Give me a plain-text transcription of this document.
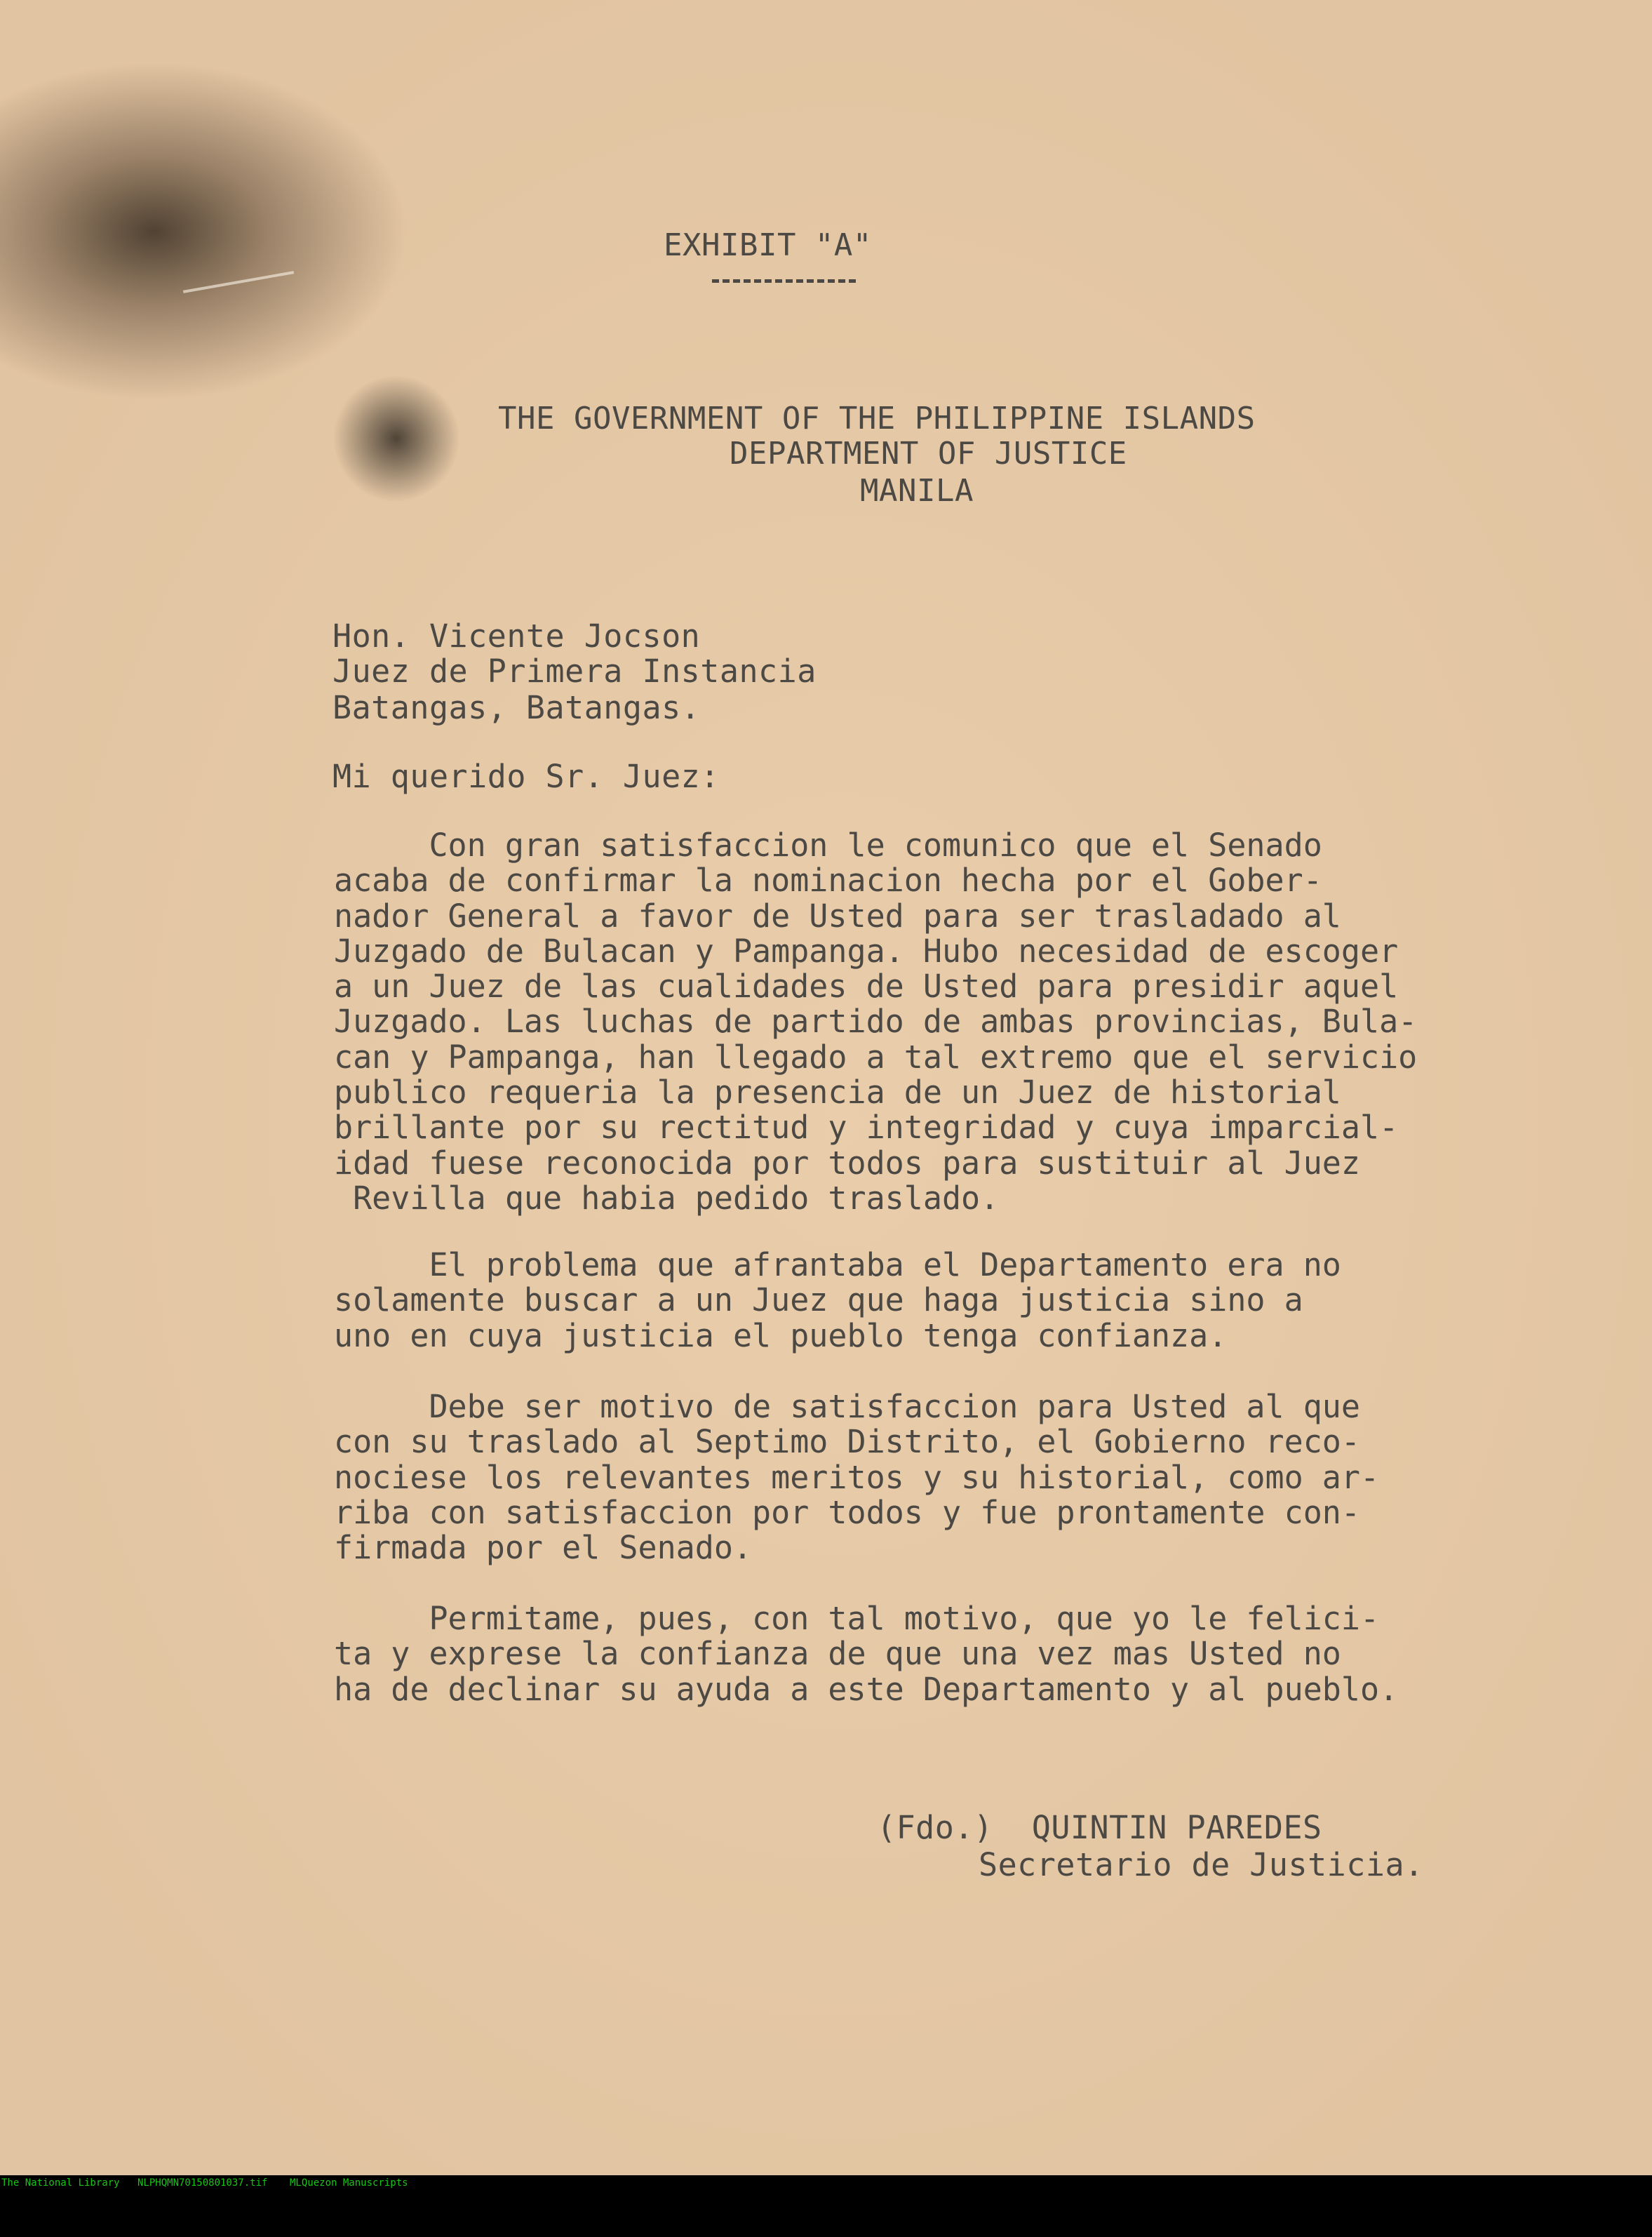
EXHIBIT "A"
THE GOVERNMENT OF THE PHILIPPINE ISLANDS
DEPARTMENT OF JUSTICE
MANILA
Hon. Vicente Jocson
Juez de Primera Instancia
Batangas, Batangas.
Mi querido Sr. Juez:
Con gran satisfaccion le comunico que el Senado
acaba de confirmar la nominacion hecha por el Gober-
nador General a favor de Usted para ser trasladado al
Juzgado de Bulacan y Pampanga. Hubo necesidad de escoger
a un Juez de las cualidades de Usted para presidir aquel
Juzgado. Las luchas de partido de ambas provincias, Bula-
can y Pampanga, han llegado a tal extremo que el servicio
publico requeria la presencia de un Juez de historial
brillante por su rectitud y integridad y cuya imparcial-
idad fuese reconocida por todos para sustituir al Juez
Revilla que habia pedido traslado.
El problema que afrantaba el Departamento era no
solamente buscar a un Juez que haga justicia sino a
uno en cuya justicia el pueblo tenga confianza.
Debe ser motivo de satisfaccion para Usted al que
con su traslado al Septimo Distrito, el Gobierno reco-
nociese los relevantes meritos y su historial, como ar-
riba con satisfaccion por todos y fue prontamente con-
firmada por el Senado.
Permitame, pues, con tal motivo, que yo le felici-
ta y exprese la confianza de que una vez mas Usted no
ha de declinar su ayuda a este Departamento y al pueblo.
(Fdo.)  QUINTIN PAREDES
Secretario de Justicia.

The National Library

NLPHQMN70150801037.tif

MLQuezon Manuscripts
